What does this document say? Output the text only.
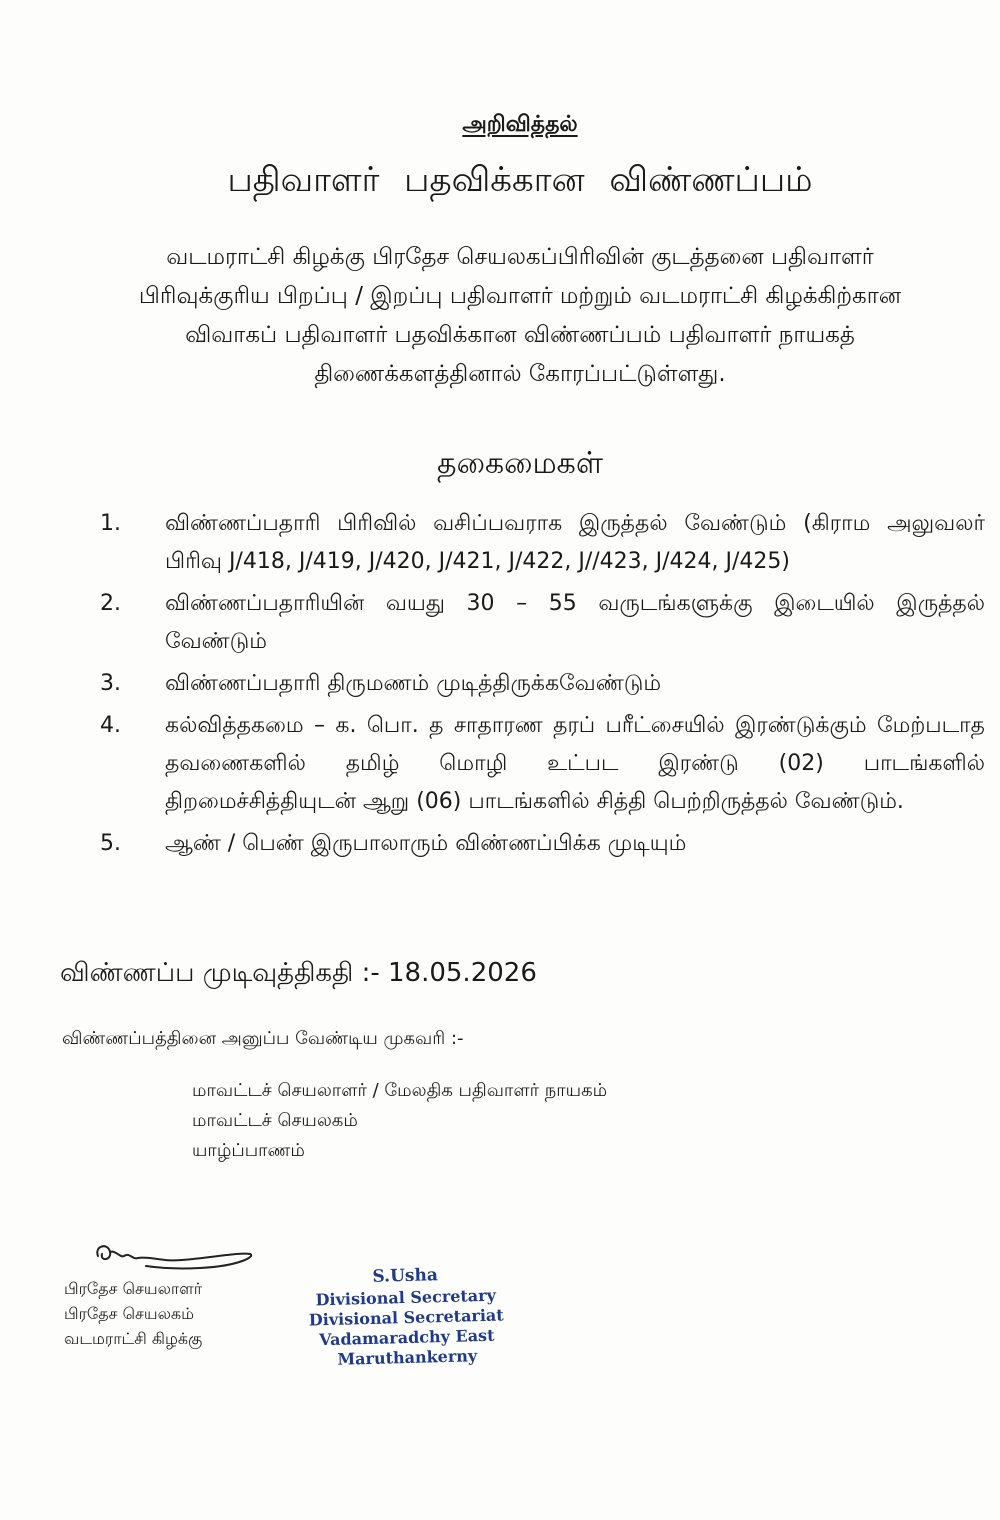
அறிவித்தல்
பதிவாளர் பதவிக்கான விண்ணப்பம்
வடமராட்சி கிழக்கு பிரதேச செயலகப்பிரிவின் குடத்தனை பதிவாளர் பிரிவுக்குரிய பிறப்பு / இறப்பு பதிவாளர் மற்றும் வடமராட்சி கிழக்கிற்கான விவாகப் பதிவாளர் பதவிக்கான விண்ணப்பம் பதிவாளர் நாயகத் திணைக்களத்தினால் கோரப்பட்டுள்ளது.
தகைமைகள்
1.	விண்ணப்பதாரி பிரிவில் வசிப்பவராக இருத்தல் வேண்டும் (கிராம அலுவலர் பிரிவு J/418, J/419, J/420, J/421, J/422, J//423, J/424, J/425)
2.	விண்ணப்பதாரியின் வயது 30 – 55 வருடங்களுக்கு இடையில் இருத்தல் வேண்டும்
3.	விண்ணப்பதாரி திருமணம் முடித்திருக்கவேண்டும்
4.	கல்வித்தகமை – க. பொ. த சாதாரண தரப் பரீட்சையில் இரண்டுக்கும் மேற்படாத தவணைகளில் தமிழ் மொழி உட்பட இரண்டு (02) பாடங்களில் திறமைச்சித்தியுடன் ஆறு (06) பாடங்களில் சித்தி பெற்றிருத்தல் வேண்டும்.
5.	ஆண் / பெண் இருபாலாரும் விண்ணப்பிக்க முடியும்
விண்ணப்ப முடிவுத்திகதி :- 18.05.2026
விண்ணப்பத்தினை அனுப்ப வேண்டிய முகவரி :-
மாவட்டச் செயலாளர் / மேலதிக பதிவாளர் நாயகம்
மாவட்டச் செயலகம்
யாழ்ப்பாணம்
பிரதேச செயலாளர்
பிரதேச செயலகம்
வடமராட்சி கிழக்கு
S.Usha
Divisional Secretary
Divisional Secretariat
Vadamaradchy East
Maruthankerny
